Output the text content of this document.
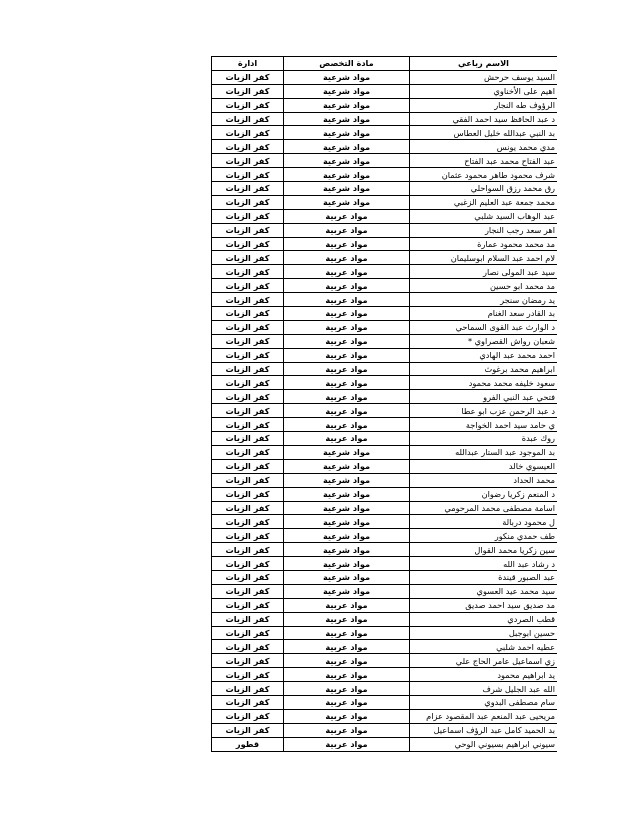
الاسم رباعي	مادة التخصص	ادارة
السيد يوسف حرحش	مواد شرعية	كفر الزيات
اهيم على الأخناوي	مواد شرعية	كفر الزيات
الرؤوف طه النجار	مواد شرعية	كفر الزيات
د عبد الحافظ سيد احمد الفقي	مواد شرعية	كفر الزيات
بد النبي عبدالله خليل العطاس	مواد شرعية	كفر الزيات
مدي محمد يونس	مواد شرعية	كفر الزيات
عبد الفتاح محمد عبد الفتاح	مواد شرعية	كفر الزيات
شرف محمود طاهر محمود عثمان	مواد شرعية	كفر الزيات
رق محمد رزق السواحلي	مواد شرعية	كفر الزيات
محمد جمعة عبد العليم الزغبي	مواد شرعية	كفر الزيات
عبد الوهاب السيد شلبي	مواد عربية	كفر الزيات
اهر سعد رجب النجار	مواد عربية	كفر الزيات
مد محمد محمود عمارة	مواد عربية	كفر الزيات
لام احمد عبد السلام ابوسليمان	مواد عربية	كفر الزيات
سيد عبد المولى نصار	مواد عربية	كفر الزيات
مد محمد ابو حسين	مواد عربية	كفر الزيات
يد رمضان سنجر	مواد عربية	كفر الزيات
بد القادر سعد الغنام	مواد عربية	كفر الزيات
د الوارث عبد القوى السماحي	مواد عربية	كفر الزيات
شعبان رواش القصراوي *	مواد عربية	كفر الزيات
احمد محمد عبد الهادي	مواد عربية	كفر الزيات
ابراهيم محمد برغوث	مواد عربية	كفر الزيات
سعود خليفه محمد محمود	مواد عربية	كفر الزيات
فتحي عبد النبي الفرو	مواد عربية	كفر الزيات
د عبد الرحمن عزب ابو عطا	مواد عربية	كفر الزيات
ي حامد سيد احمد الخواجة	مواد عربية	كفر الزيات
روك عبدة	مواد عربية	كفر الزيات
بد الموجود عبد الستار عبدالله	مواد شرعية	كفر الزيات
العيسوي خالد	مواد شرعية	كفر الزيات
محمد الحداد	مواد شرعية	كفر الزيات
د المنعم زكريا رضوان	مواد شرعية	كفر الزيات
اسامة مصطفى محمد المرحومي	مواد شرعية	كفر الزيات
ل محمود دربالة	مواد شرعية	كفر الزيات
طف حمدي منكور	مواد شرعية	كفر الزيات
سين زكريا محمد القوال	مواد شرعية	كفر الزيات
د رشاد عبد الله	مواد شرعية	كفر الزيات
عبد الصبور قيندة	مواد شرعية	كفر الزيات
سيد محمد عيد العسوي	مواد شرعية	كفر الزيات
مد صديق سيد احمد صديق	مواد عربية	كفر الزيات
قطب الصردي	مواد عربية	كفر الزيات
حسين ابوجبل	مواد عربية	كفر الزيات
عطيه احمد شلبي	مواد عربية	كفر الزيات
زي اسماعيل عامر الحاج علي	مواد عربية	كفر الزيات
يد ابراهيم محمود	مواد عربية	كفر الزيات
الله عبد الجليل شرف	مواد عربية	كفر الزيات
سام مصطفى البدوي	مواد عربية	كفر الزيات
مريحيى عبد المنعم عبد المقصود عزام	مواد عربية	كفر الزيات
بد الحميد كامل عبد الرؤف اسماعيل	مواد عربية	كفر الزيات
سيوني ابراهيم بسيوني الوحي	مواد عربية	قطور
